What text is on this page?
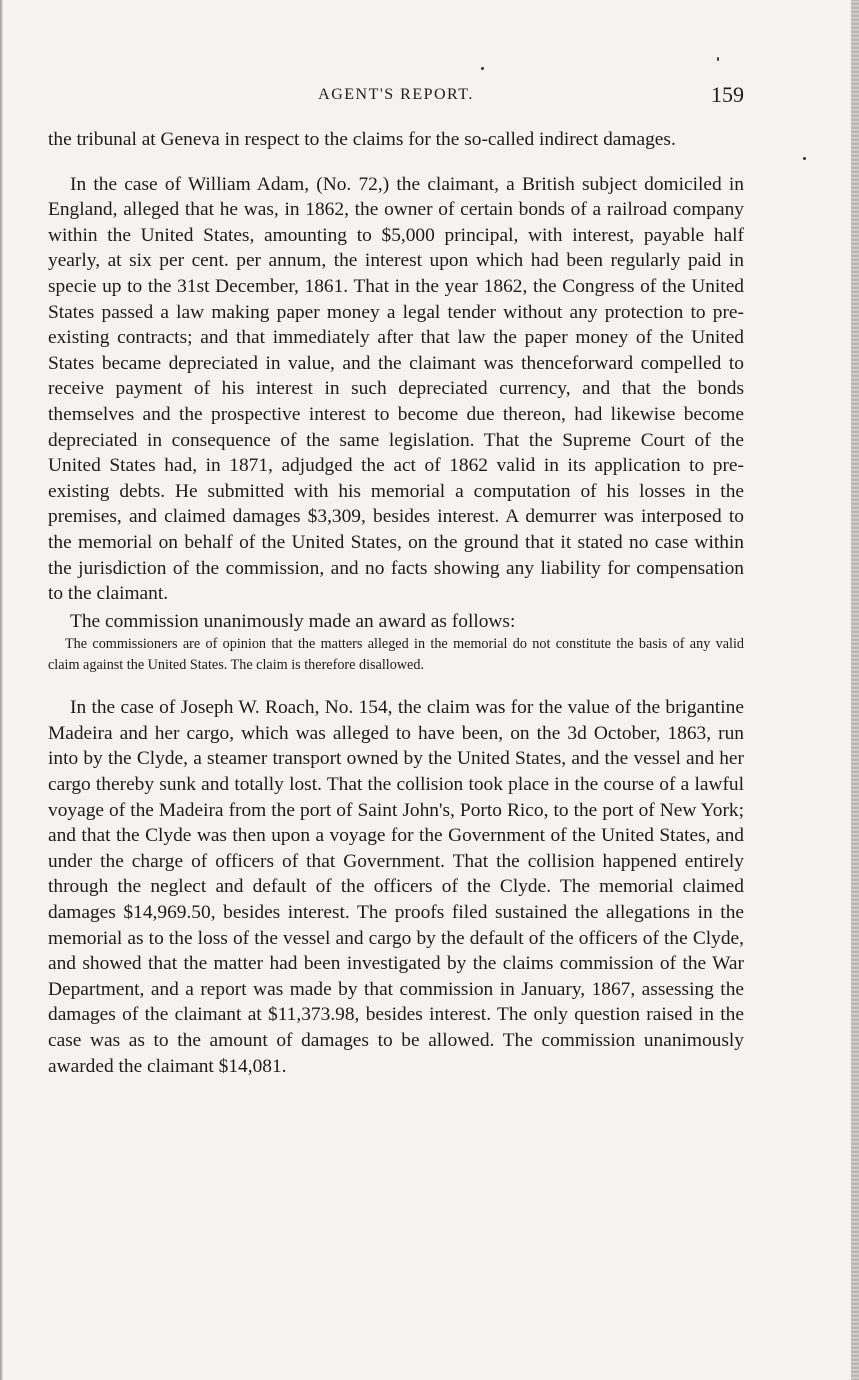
AGENT'S REPORT.	159

the tribunal at Geneva in respect to the claims for the so-called indirect damages.

In the case of William Adam, (No. 72,) the claimant, a British subject domiciled in England, alleged that he was, in 1862, the owner of certain bonds of a railroad company within the United States, amounting to $5,000 principal, with interest, payable half yearly, at six per cent. per annum, the interest upon which had been regularly paid in specie up to the 31st December, 1861. That in the year 1862, the Congress of the United States passed a law making paper money a legal tender without any protection to pre-existing contracts; and that immediately after that law the paper money of the United States became depreciated in value, and the claimant was thenceforward compelled to receive payment of his interest in such depreciated currency, and that the bonds themselves and the prospective interest to become due thereon, had likewise become depreciated in consequence of the same legislation. That the Supreme Court of the United States had, in 1871, adjudged the act of 1862 valid in its application to pre-existing debts. He submitted with his memorial a computation of his losses in the premises, and claimed damages $3,309, besides interest. A demurrer was interposed to the memorial on behalf of the United States, on the ground that it stated no case within the jurisdiction of the commission, and no facts showing any liability for compensation to the claimant.

The commission unanimously made an award as follows:

The commissioners are of opinion that the matters alleged in the memorial do not constitute the basis of any valid claim against the United States. The claim is therefore disallowed.

In the case of Joseph W. Roach, No. 154, the claim was for the value of the brigantine Madeira and her cargo, which was alleged to have been, on the 3d October, 1863, run into by the Clyde, a steamer transport owned by the United States, and the vessel and her cargo thereby sunk and totally lost. That the collision took place in the course of a lawful voyage of the Madeira from the port of Saint John's, Porto Rico, to the port of New York; and that the Clyde was then upon a voyage for the Government of the United States, and under the charge of officers of that Government. That the collision happened entirely through the neglect and default of the officers of the Clyde. The memorial claimed damages $14,969.50, besides interest. The proofs filed sustained the allegations in the memorial as to the loss of the vessel and cargo by the default of the officers of the Clyde, and showed that the matter had been investigated by the claims commission of the War Department, and a report was made by that commission in January, 1867, assessing the damages of the claimant at $11,373.98, besides interest. The only question raised in the case was as to the amount of damages to be allowed. The commission unanimously awarded the claimant $14,081.
